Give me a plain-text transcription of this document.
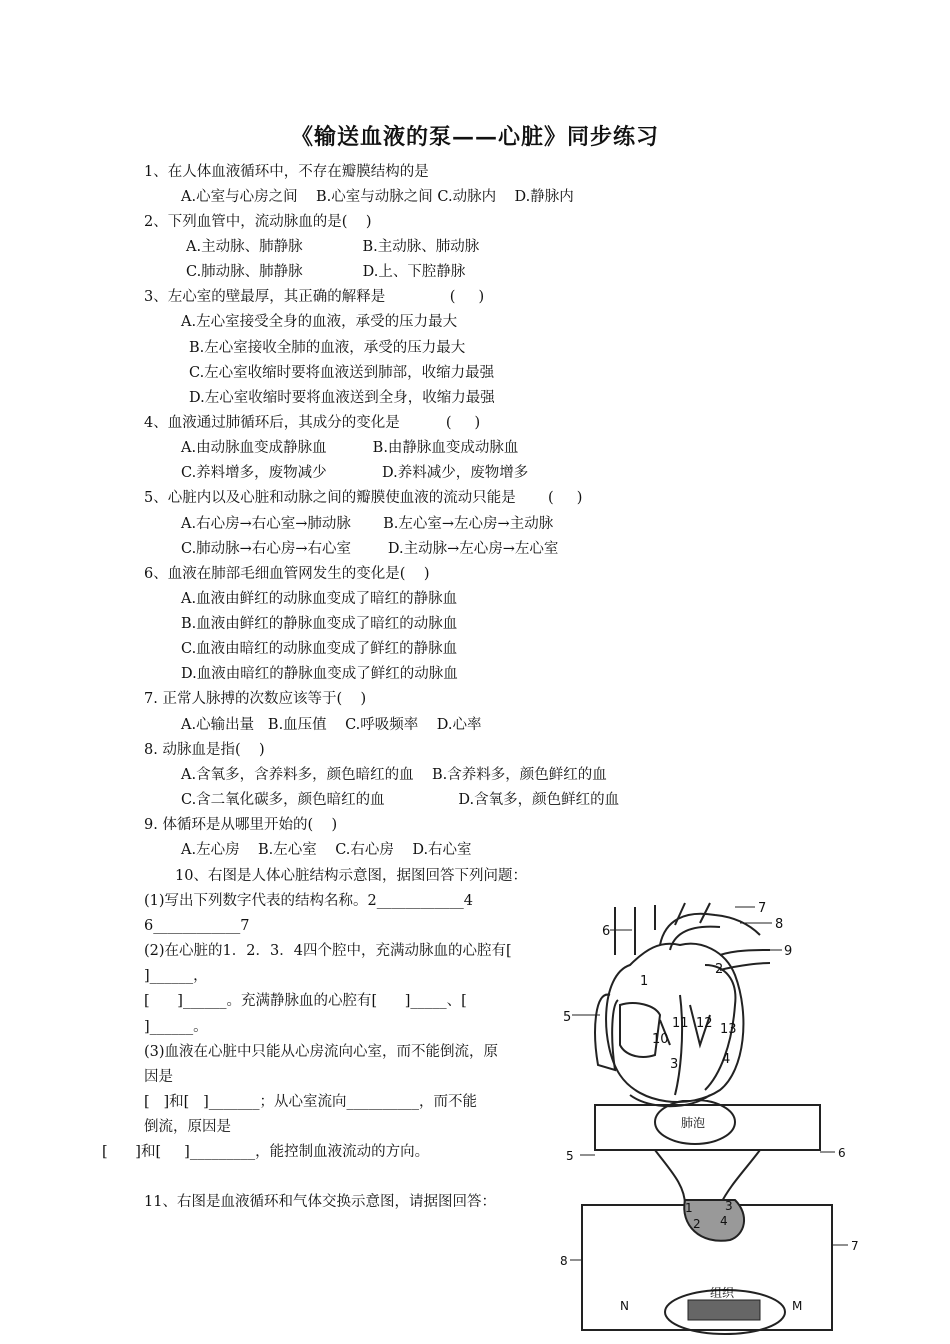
《输送血液的泵——心脏》同步练习
1、在人体血液循环中，不存在瓣膜结构的是
A.心室与心房之间    B.心室与动脉之间 C.动脉内    D.静脉内
2、下列血管中，流动脉血的是(    )
A.主动脉、肺静脉             B.主动脉、肺动脉
C.肺动脉、肺静脉             D.上、下腔静脉
3、左心室的壁最厚，其正确的解释是              (     )
A.左心室接受全身的血液，承受的压力最大
B.左心室接收全肺的血液，承受的压力最大
C.左心室收缩时要将血液送到肺部，收缩力最强
D.左心室收缩时要将血液送到全身，收缩力最强
4、血液通过肺循环后，其成分的变化是          (     )
A.由动脉血变成静脉血          B.由静脉血变成动脉血
C.养料增多，废物减少            D.养料减少，废物增多
5、心脏内以及心脏和动脉之间的瓣膜使血液的流动只能是       (     )
A.右心房→右心室→肺动脉       B.左心室→左心房→主动脉
C.肺动脉→右心房→右心室        D.主动脉→左心房→左心室
6、血液在肺部毛细血管网发生的变化是(    )
A.血液由鲜红的动脉血变成了暗红的静脉血
B.血液由鲜红的静脉血变成了暗红的动脉血
C.血液由暗红的动脉血变成了鲜红的静脉血
D.血液由暗红的静脉血变成了鲜红的动脉血
7. 正常人脉搏的次数应该等于(    )
A.心输出量   B.血压值    C.呼吸频率    D.心率
8. 动脉血是指(    )
A.含氧多，含养料多，颜色暗红的血    B.含养料多，颜色鲜红的血
C.含二氧化碳多，颜色暗红的血                D.含氧多，颜色鲜红的血
9. 体循环是从哪里开始的(    )
A.左心房    B.左心室    C.右心房    D.右心室
10、右图是人体心脏结构示意图，据图回答下列问题：
(1)写出下列数字代表的结构名称。2____________4
6____________7
(2)在心脏的1．2．3．4四个腔中，充满动脉血的心腔有[
]______，
[      ]______。充满静脉血的心腔有[      ]_____、[
]______。
(3)血液在心脏中只能从心房流向心室，而不能倒流，原
因是
[   ]和[   ]_______；从心室流向__________，而不能
倒流，原因是
[      ]和[     ]_________，能控制血液流动的方向。
11、右图是血液循环和气体交换示意图，请据图回答：
1
2
3	4
5
6
7
8
9
10
11 12 13
1
2
3
4
5	6
7
8
M
N
肺泡
组织
